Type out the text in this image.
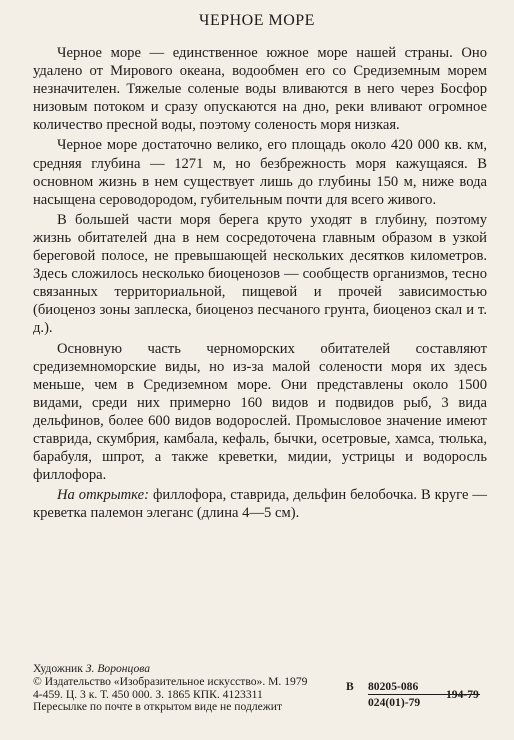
ЧЕРНОЕ МОРЕ

Черное море — единственное южное море нашей страны. Оно удалено от Мирового океана, водообмен его со Средиземным морем незначителен. Тяжелые соленые воды вливаются в него через Босфор низовым потоком и сразу опускаются на дно, реки вливают огромное количество пресной воды, поэтому соленость моря низкая.

Черное море достаточно велико, его площадь около 420 000 кв. км, средняя глубина — 1271 м, но безбрежность моря кажущаяся. В основном жизнь в нем существует лишь до глубины 150 м, ниже вода насыщена сероводородом, губительным почти для всего живого.

В большей части моря берега круто уходят в глубину, поэтому жизнь обитателей дна в нем сосредоточена главным образом в узкой береговой полосе, не превышающей нескольких десятков километров. Здесь сложилось несколько биоценозов — сообществ организмов, тесно связанных территориальной, пищевой и прочей зависимостью (биоценоз зоны заплеска, биоценоз песчаного грунта, биоценоз скал и т. д.).

Основную часть черноморских обитателей составляют средиземноморские виды, но из-за малой солености моря их здесь меньше, чем в Средиземном море. Они представлены около 1500 видами, среди них примерно 160 видов и подвидов рыб, 3 вида дельфинов, более 600 видов водорослей. Промысловое значение имеют ставрида, скумбрия, камбала, кефаль, бычки, осетровые, хамса, тюлька, барабуля, шпрот, а также креветки, мидии, устрицы и водоросль филлофора.

На открытке: филлофора, ставрида, дельфин белобочка. В круге — креветка палемон элеганс (длина 4—5 см).

Художник З. Воронцова
© Издательство «Изобразительное искусство». М. 1979
4-459. Ц. 3 к. Т. 450 000. З. 1865 КПК. 4123311
Пересылке по почте в открытом виде не подлежит
В 80205-086
024(01)-79
194-79
